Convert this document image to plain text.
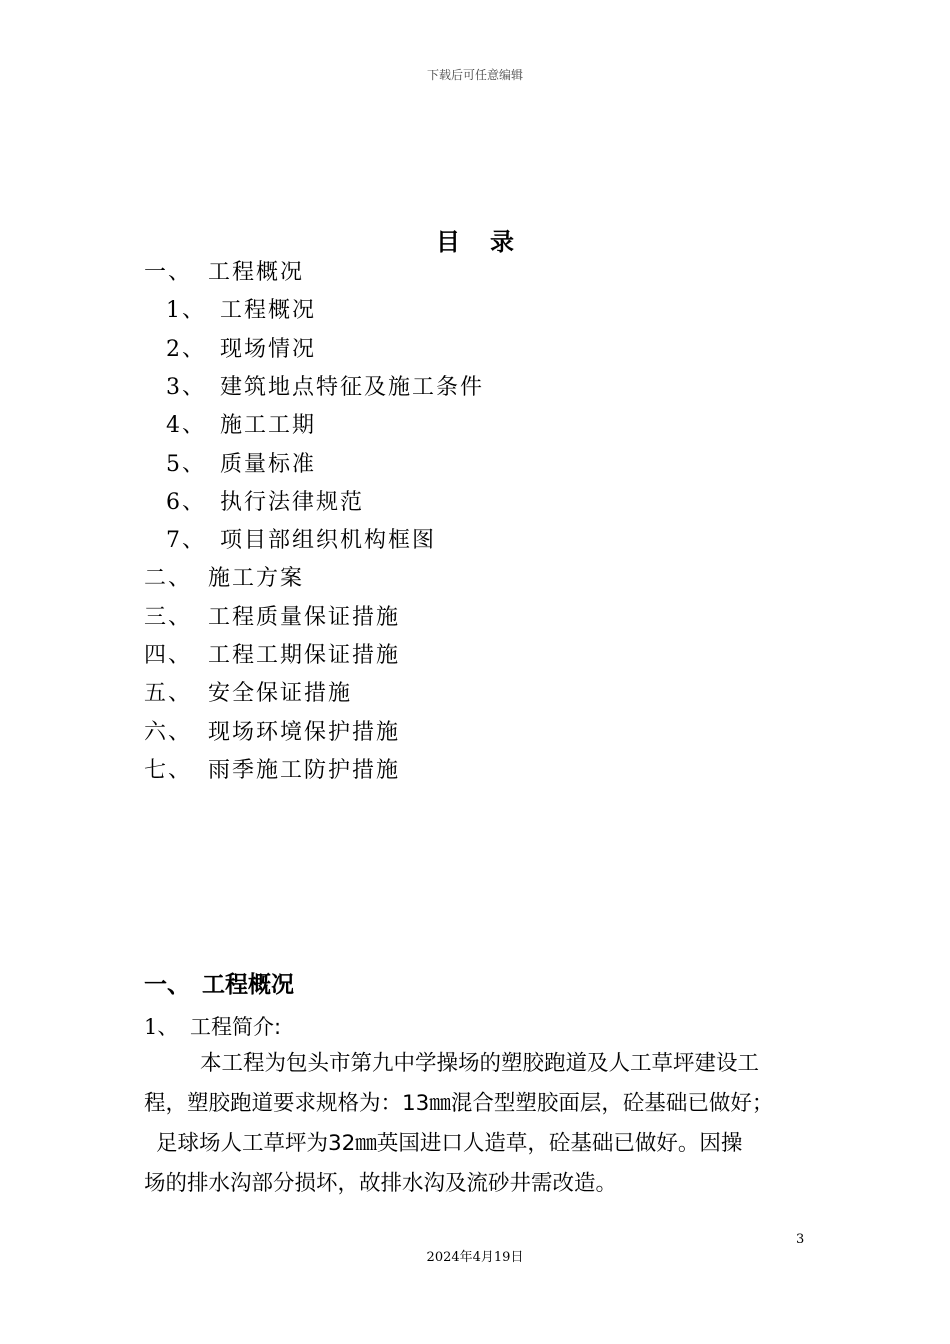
下载后可任意编辑
目录
一、 工程概况
1、 工程概况
2、 现场情况
3、 建筑地点特征及施工条件
4、 施工工期
5、 质量标准
6、 执行法律规范
7、 项目部组织机构框图
二、 施工方案
三、 工程质量保证措施
四、 工程工期保证措施
五、 安全保证措施
六、 现场环境保护措施
七、 雨季施工防护措施
一、 工程概况
1、 工程简介:
本工程为包头市第九中学操场的塑胶跑道及人工草坪建设工
程，塑胶跑道要求规格为：13㎜混合型塑胶面层，砼基础已做好；
足球场人工草坪为32㎜英国进口人造草，砼基础已做好。因操
场的排水沟部分损坏，故排水沟及流砂井需改造。
3
2024年4月19日
